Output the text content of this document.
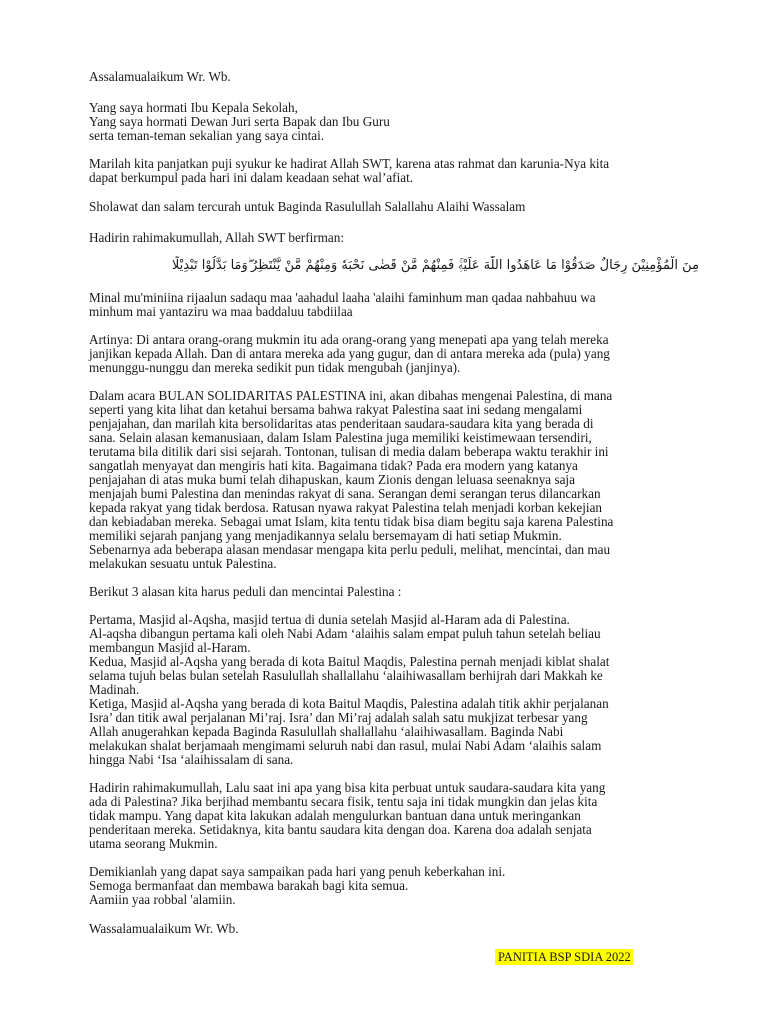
Assalamualaikum Wr. Wb.
Yang saya hormati Ibu Kepala Sekolah,
Yang saya hormati Dewan Juri serta Bapak dan Ibu Guru
serta teman-teman sekalian yang saya cintai.
Marilah kita panjatkan puji syukur ke hadirat Allah SWT, karena atas rahmat dan karunia-Nya kita
dapat berkumpul pada hari ini dalam keadaan sehat wal’afiat.
Sholawat dan salam tercurah untuk Baginda Rasulullah Salallahu Alaihi Wassalam
Hadirin rahimakumullah, Allah SWT berfirman:
مِنَ الْمُؤْمِنِيْنَ رِجَالٌ صَدَقُوْا مَا عَاهَدُوا اللّٰهَ عَلَيْهِۚ فَمِنْهُمْ مَّنْ قَضٰى نَحْبَهٗ وَمِنْهُمْ مَّنْ يَّنْتَظِرُ ۖوَمَا بَدَّلُوْا تَبْدِيْلًا
Minal mu'miniina rijaalun sadaqu maa 'aahadul laaha 'alaihi faminhum man qadaa nahbahuu wa
minhum mai yantaziru wa maa baddaluu tabdiilaa
Artinya: Di antara orang-orang mukmin itu ada orang-orang yang menepati apa yang telah mereka
janjikan kepada Allah. Dan di antara mereka ada yang gugur, dan di antara mereka ada (pula) yang
menunggu-nunggu dan mereka sedikit pun tidak mengubah (janjinya).
Dalam acara BULAN SOLIDARITAS PALESTINA ini, akan dibahas mengenai Palestina, di mana
seperti yang kita lihat dan ketahui bersama bahwa rakyat Palestina saat ini sedang mengalami
penjajahan, dan marilah kita bersolidaritas atas penderitaan saudara-saudara kita yang berada di
sana. Selain alasan kemanusiaan, dalam Islam Palestina juga memiliki keistimewaan tersendiri,
terutama bila ditilik dari sisi sejarah. Tontonan, tulisan di media dalam beberapa waktu terakhir ini
sangatlah menyayat dan mengiris hati kita. Bagaimana tidak? Pada era modern yang katanya
penjajahan di atas muka bumi telah dihapuskan, kaum Zionis dengan leluasa seenaknya saja
menjajah bumi Palestina dan menindas rakyat di sana. Serangan demi serangan terus dilancarkan
kepada rakyat yang tidak berdosa. Ratusan nyawa rakyat Palestina telah menjadi korban kekejian
dan kebiadaban mereka. Sebagai umat Islam, kita tentu tidak bisa diam begitu saja karena Palestina
memiliki sejarah panjang yang menjadikannya selalu bersemayam di hati setiap Mukmin.
Sebenarnya ada beberapa alasan mendasar mengapa kita perlu peduli, melihat, mencintai, dan mau
melakukan sesuatu untuk Palestina.
Berikut 3 alasan kita harus peduli dan mencintai Palestina :
Pertama, Masjid al-Aqsha, masjid tertua di dunia setelah Masjid al-Haram ada di Palestina.
Al-aqsha dibangun pertama kali oleh Nabi Adam ‘alaihis salam empat puluh tahun setelah beliau
membangun Masjid al-Haram.
Kedua, Masjid al-Aqsha yang berada di kota Baitul Maqdis, Palestina pernah menjadi kiblat shalat
selama tujuh belas bulan setelah Rasulullah shallallahu ‘alaihiwasallam berhijrah dari Makkah ke
Madinah.
Ketiga, Masjid al-Aqsha yang berada di kota Baitul Maqdis, Palestina adalah titik akhir perjalanan
Isra’ dan titik awal perjalanan Mi’raj. Isra’ dan Mi’raj adalah salah satu mukjizat terbesar yang
Allah anugerahkan kepada Baginda Rasulullah shallallahu ‘alaihiwasallam. Baginda Nabi
melakukan shalat berjamaah mengimami seluruh nabi dan rasul, mulai Nabi Adam ‘alaihis salam
hingga Nabi ‘Isa ‘alaihissalam di sana.
Hadirin rahimakumullah, Lalu saat ini apa yang bisa kita perbuat untuk saudara-saudara kita yang
ada di Palestina? Jika berjihad membantu secara fisik, tentu saja ini tidak mungkin dan jelas kita
tidak mampu. Yang dapat kita lakukan adalah mengulurkan bantuan dana untuk meringankan
penderitaan mereka. Setidaknya, kita bantu saudara kita dengan doa. Karena doa adalah senjata
utama seorang Mukmin.
Demikianlah yang dapat saya sampaikan pada hari yang penuh keberkahan ini.
Semoga bermanfaat dan membawa barakah bagi kita semua.
Aamiin yaa robbal 'alamiin.
Wassalamualaikum Wr. Wb.
PANITIA BSP SDIA 2022
